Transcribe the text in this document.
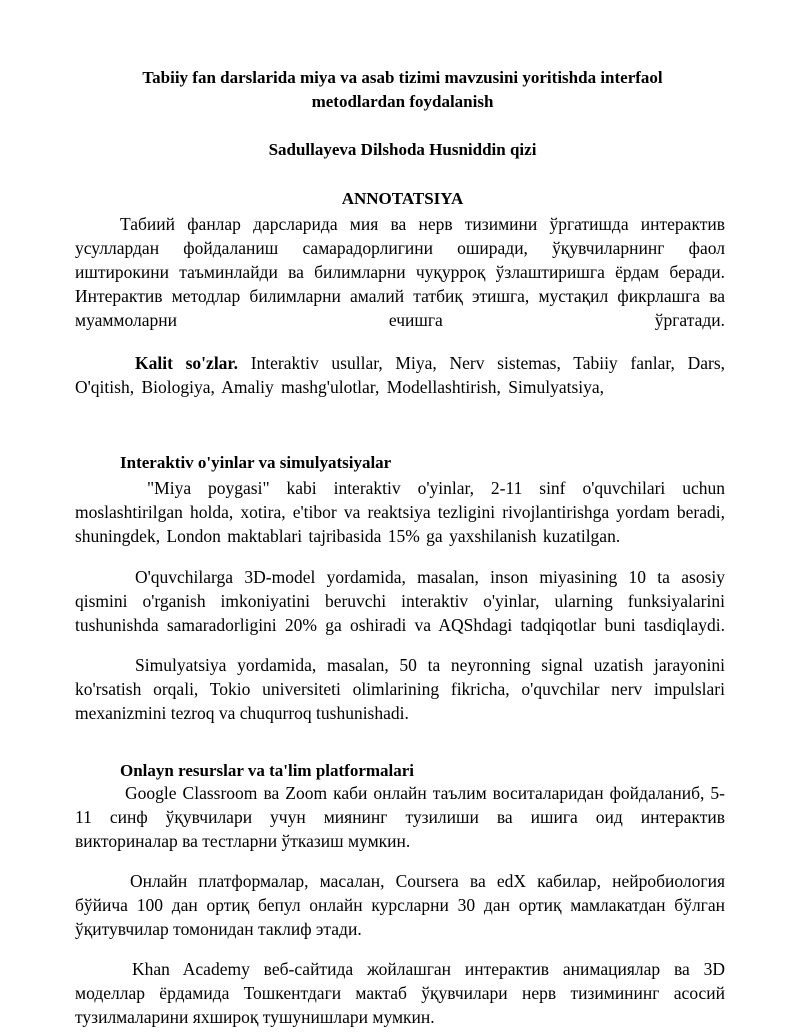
Tabiiy fan darslarida miya va asab tizimi mavzusini yoritishda interfaol
metodlardan foydalanish
Sadullayeva Dilshoda Husniddin qizi
ANNOTATSIYA
Табиий фанлар дарсларида мия ва нерв тизимини ўргатишда интерактив
усуллардан фойдаланиш самарадорлигини оширади, ўқувчиларнинг фаол
иштирокини таъминлайди ва билимларни чуқурроқ ўзлаштиришга ёрдам беради.
Интерактив методлар билимларни амалий татбиқ этишга, мустақил фикрлашга ва
муаммоларни                    ечишга                    ўргатади.
Kalit so'zlar. Interaktiv usullar, Miya, Nerv sistemas, Tabiiy fanlar, Dars,
O'qitish, Biologiya, Amaliy mashg'ulotlar, Modellashtirish, Simulyatsiya,
Interaktiv o'yinlar va simulyatsiyalar
"Miya poygasi" kabi interaktiv o'yinlar, 2-11 sinf o'quvchilari uchun
moslashtirilgan holda, xotira, e'tibor va reaktsiya tezligini rivojlantirishga yordam beradi,
shuningdek, London maktablari tajribasida 15% ga yaxshilanish kuzatilgan.
O'quvchilarga 3D-model yordamida, masalan, inson miyasining 10 ta asosiy
qismini o'rganish imkoniyatini beruvchi interaktiv o'yinlar, ularning funksiyalarini
tushunishda samaradorligini 20% ga oshiradi va AQShdagi tadqiqotlar buni tasdiqlaydi.
Simulyatsiya yordamida, masalan, 50 ta neyronning signal uzatish jarayonini
ko'rsatish orqali, Tokio universiteti olimlarining fikricha, o'quvchilar nerv impulslari
mexanizmini tezroq va chuqurroq tushunishadi.
Onlayn resurslar va ta'lim platformalari
Google Classroom ва Zoom каби онлайн таълим воситаларидан фойдаланиб, 5-
11 синф ўқувчилари учун миянинг тузилиши ва ишига оид интерактив
викториналар ва тестларни ўтказиш мумкин.
Онлайн платформалар, масалан, Coursera ва edX кабилар, нейробиология
бўйича 100 дан ортиқ бепул онлайн курсларни 30 дан ортиқ мамлакатдан бўлган
ўқитувчилар томонидан таклиф этади.
Khan Academy веб-сайтида жойлашган интерактив анимациялар ва 3D
моделлар ёрдамида Тошкентдаги мактаб ўқувчилари нерв тизимининг асосий
тузилмаларини яхшироқ тушунишлари мумкин.
